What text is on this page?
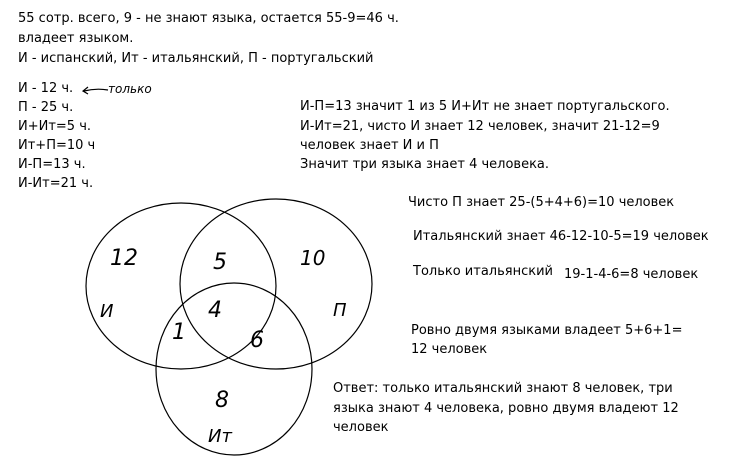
55 сотр. всего, 9 - не знают языка, остается 55-9=46 ч.
владеет языком.
И - испанский, Ит - итальянский, П - португальский
И - 12 ч.
П - 25 ч.
И+Ит=5 ч.
Ит+П=10 ч
И-П=13 ч.
И-Ит=21 ч.
только
И-П=13 значит 1 из 5 И+Ит не знает португальского.
И-Ит=21, чисто И знает 12 человек, значит 21-12=9
человек знает И и П
Значит три языка знает 4 человека.
Чисто П знает 25-(5+4+6)=10 человек
Итальянский знает 46-12-10-5=19 человек
Только итальянский 19-1-4-6=8 человек
Ровно двумя языками владеет 5+6+1=
12 человек
Ответ: только итальянский знают 8 человек, три
языка знают 4 человека, ровно двумя владеют 12
человек
12	5	10
1
4
6
8
И	П
Ит
